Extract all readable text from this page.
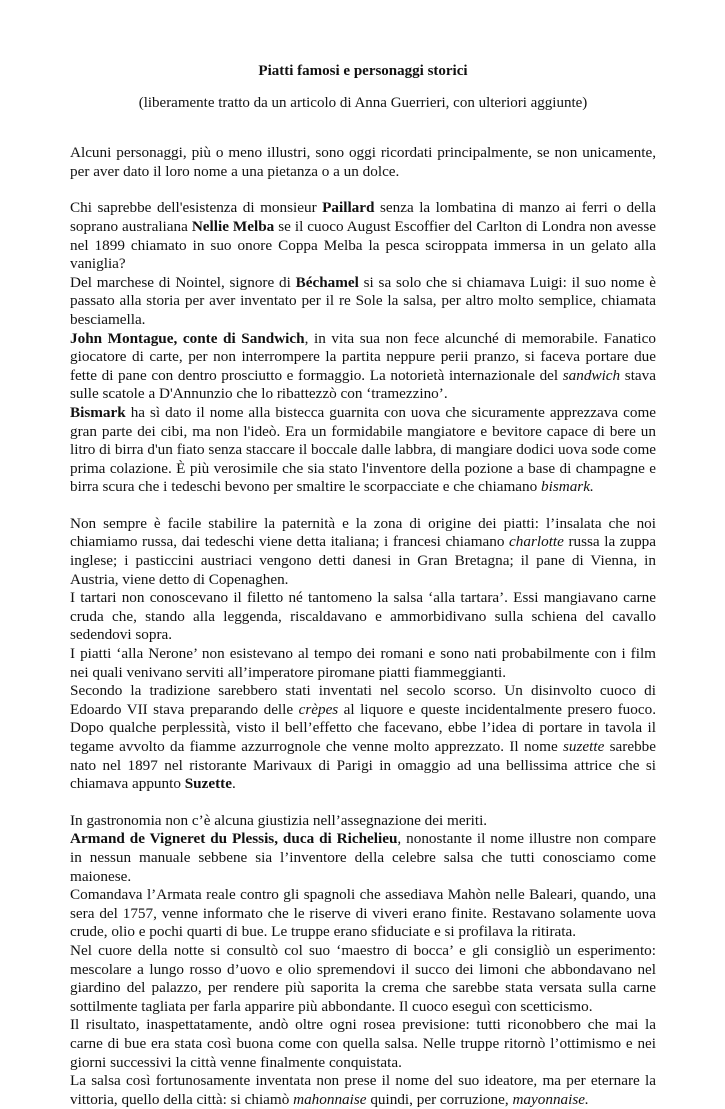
Piatti famosi e personaggi storici
(liberamente tratto da un articolo di Anna Guerrieri, con ulteriori aggiunte)

Alcuni personaggi, più o meno illustri, sono oggi ricordati principalmente, se non unicamente, per aver dato il loro nome a una pietanza o a un dolce.

Chi saprebbe dell'esistenza di monsieur Paillard senza la lombatina di manzo ai ferri o della soprano australiana Nellie Melba se il cuoco August Escoffier del Carlton di Londra non avesse nel 1899 chiamato in suo onore Coppa Melba la pesca sciroppata immersa in un gelato alla vaniglia?

Del marchese di Nointel, signore di Béchamel si sa solo che si chiamava Luigi: il suo nome è passato alla storia per aver inventato per il re Sole la salsa, per altro molto semplice, chiamata besciamella.

John Montague, conte di Sandwich, in vita sua non fece alcunché di memorabile. Fanatico giocatore di carte, per non interrompere la partita neppure perii pranzo, si faceva portare due fette di pane con dentro prosciutto e formaggio. La notorietà internazionale del sandwich stava sulle scatole a D'Annunzio che lo ribattezzò con ‘tramezzino’.

Bismark ha sì dato il nome alla bistecca guarnita con uova che sicuramente apprezzava come gran parte dei cibi, ma non l'ideò. Era un formidabile mangiatore e bevitore capace di bere un litro di birra d'un fiato senza staccare il boccale dalle labbra, di mangiare dodici uova sode come prima colazione. È più verosimile che sia stato l'inventore della pozione a base di champagne e birra scura che i tedeschi bevono per smaltire le scorpacciate e che chiamano bismark.

Non sempre è facile stabilire la paternità e la zona di origine dei piatti: l’insalata che noi chiamiamo russa, dai tedeschi viene detta italiana; i francesi chiamano charlotte russa la zuppa inglese; i pasticcini austriaci vengono detti danesi in Gran Bretagna; il pane di Vienna, in Austria, viene detto di Copenaghen.

I tartari non conoscevano il filetto né tantomeno la salsa ‘alla tartara’. Essi mangiavano carne cruda che, stando alla leggenda, riscaldavano e ammorbidivano sulla schiena del cavallo sedendovi sopra.

I piatti ‘alla Nerone’ non esistevano al tempo dei romani e sono nati probabilmente con i film nei quali venivano serviti all’imperatore piromane piatti fiammeggianti.

Secondo la tradizione sarebbero stati inventati nel secolo scorso. Un disinvolto cuoco di Edoardo VII stava preparando delle crèpes al liquore e queste incidentalmente presero fuoco. Dopo qualche perplessità, visto il bell’effetto che facevano, ebbe l’idea di portare in tavola il tegame avvolto da fiamme azzurrognole che venne molto apprezzato. Il nome suzette sarebbe nato nel 1897 nel ristorante Marivaux di Parigi in omaggio ad una bellissima attrice che si chiamava appunto Suzette.

In gastronomia non c’è alcuna giustizia nell’assegnazione dei meriti.

Armand de Vigneret du Plessis, duca di Richelieu, nonostante il nome illustre non compare in nessun manuale sebbene sia l’inventore della celebre salsa che tutti conosciamo come maionese.

Comandava l’Armata reale contro gli spagnoli che assediava Mahòn nelle Baleari, quando, una sera del 1757, venne informato che le riserve di viveri erano finite. Restavano solamente uova crude, olio e pochi quarti di bue. Le truppe erano sfiduciate e si profilava la ritirata.

Nel cuore della notte si consultò col suo ‘maestro di bocca’ e gli consigliò un esperimento: mescolare a lungo rosso d’uovo e olio spremendovi il succo dei limoni che abbondavano nel giardino del palazzo, per rendere più saporita la crema che sarebbe stata versata sulla carne sottilmente tagliata per farla apparire più abbondante. Il cuoco eseguì con scetticismo.

Il risultato, inaspettatamente, andò oltre ogni rosea previsione: tutti riconobbero che mai la carne di bue era stata così buona come con quella salsa. Nelle truppe ritornò l’ottimismo e nei giorni successivi la città venne finalmente conquistata.

La salsa così fortunosamente inventata non prese il nome del suo ideatore, ma per eternare la vittoria, quello della città: si chiamò mahonnaise quindi, per corruzione, mayonnaise.
